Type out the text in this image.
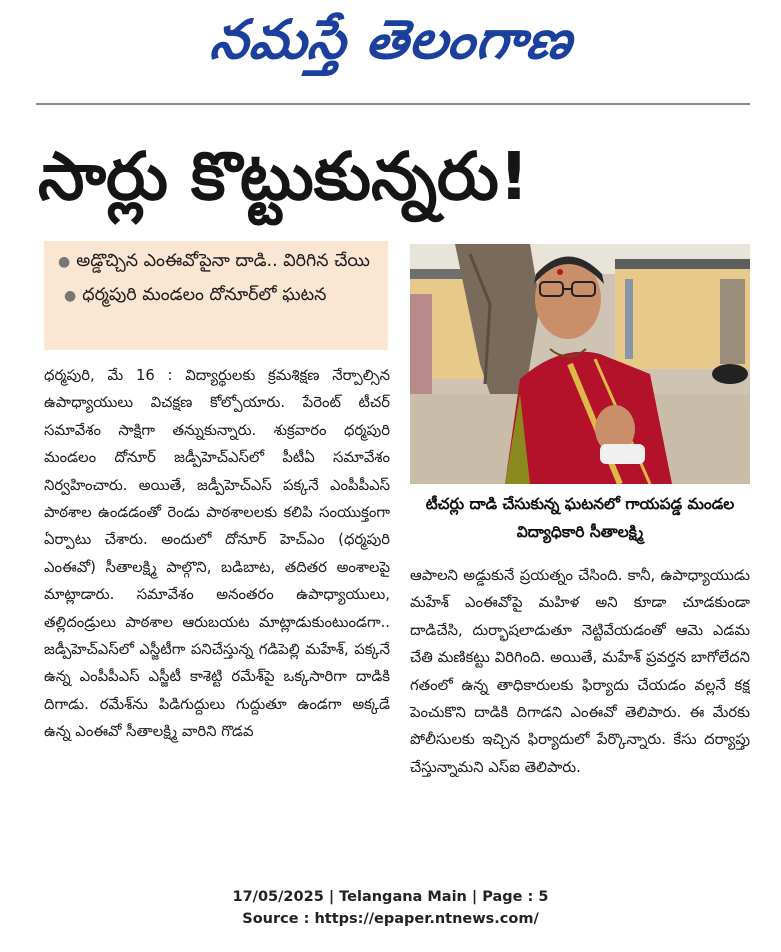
నమస్తే తెలంగాణ
సార్లు కొట్టుకున్నరు!
● అడ్డొచ్చిన ఎంఈవోపైనా దాడి.. విరిగిన చేయి ● ధర్మపురి మండలం దోనూర్‌లో ఘటన
టీచర్లు దాడి చేసుకున్న ఘటనలో గాయపడ్డ మండల విద్యాధికారి సీతాలక్ష్మి
ధర్మపురి, మే 16 : విద్యార్థులకు క్రమశిక్షణ నేర్పాల్సిన ఉపాధ్యాయులు విచక్షణ కోల్పోయారు. పేరెంట్ టీచర్ సమావేశం సాక్షిగా తన్నుకున్నారు. శుక్రవారం ధర్మపురి మండలం దోనూర్ జడ్పీహెచ్ఎస్‌లో పీటీఏ సమావేశం నిర్వహించారు. అయితే, జడ్పీహెచ్ఎస్ పక్కనే ఎంపీపీఎస్ పాఠశాల ఉండడంతో రెండు పాఠశాలలకు కలిపి సంయుక్తంగా ఏర్పాటు చేశారు. అందులో దోనూర్ హెచ్ఎం (ధర్మపురి ఎంఈవో) సీతాలక్ష్మి పాల్గొని, బడిబాట, తదితర అంశాలపై మాట్లాడారు. సమావేశం అనంతరం ఉపాధ్యాయులు, తల్లిదండ్రులు పాఠశాల ఆరుబయట మాట్లాడుకుంటుండగా.. జడ్పీహెచ్ఎస్‌లో ఎస్జీటీగా పనిచేస్తున్న గడిపెల్లి మహేశ్, పక్కనే ఉన్న ఎంపీపీఎస్ ఎస్జీటీ కాశెట్టి రమేశ్‌పై ఒక్కసారిగా దాడికి దిగాడు. రమేశ్‌ను పిడిగుద్దులు గుద్దుతూ ఉండగా అక్కడే ఉన్న ఎంఈవో సీతాలక్ష్మి వారిని గొడవ
ఆపాలని అడ్డుకునే ప్రయత్నం చేసింది. కానీ, ఉపాధ్యాయుడు మహేశ్ ఎంఈవోపై మహిళ అని కూడా చూడకుండా దాడిచేసి, దుర్భాషలాడుతూ నెట్టివేయడంతో ఆమె ఎడమ చేతి మణికట్టు విరిగింది. అయితే, మహేశ్ ప్రవర్తన బాగోలేదని గతంలో ఉన్న తాధికారులకు ఫిర్యాదు చేయడం వల్లనే కక్ష పెంచుకొని దాడికి దిగాడని ఎంఈవో తెలిపారు. ఈ మేరకు పోలీసులకు ఇచ్చిన ఫిర్యాదులో పేర్కొన్నారు. కేసు దర్యాప్తు చేస్తున్నామని ఎస్ఐ తెలిపారు.
17/05/2025 | Telangana Main | Page : 5
Source : https://epaper.ntnews.com/
